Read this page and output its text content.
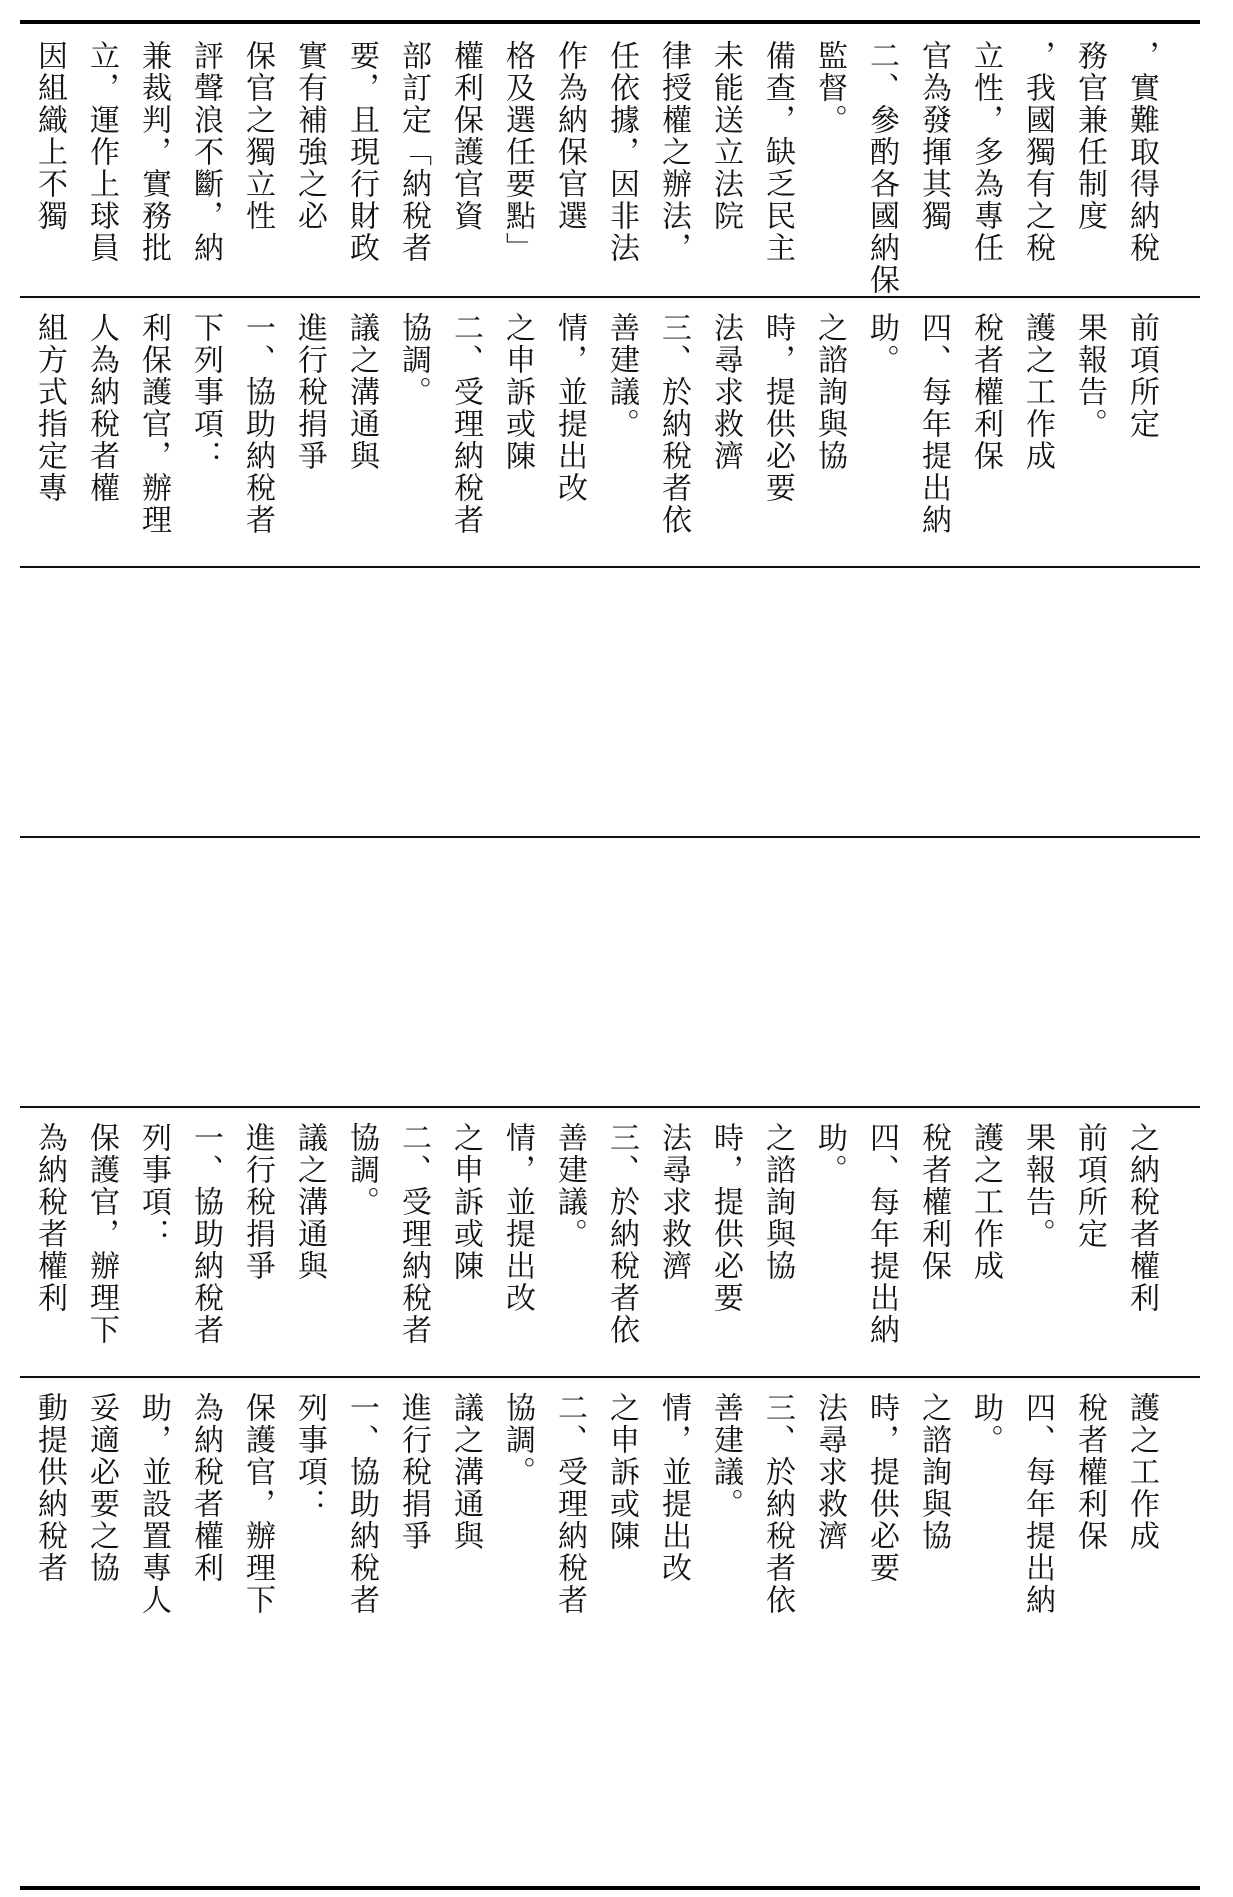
因組織上不獨 立，運作上球員 兼裁判，實務批 評聲浪不斷，納 保官之獨立性 實有補強之必 要，且現行財政 部訂定「納稅者 權利保護官資 格及選任要點」 作為納保官選 任依據，因非法 律授權之辦法， 未能送立法院 備查，缺乏民主 監督。 二、參酌各國納保 官為發揮其獨 立性，多為專任 ，我國獨有之稅 務官兼任制度 ，實難取得納稅
組方式指定專 人為納稅者權 利保護官，辦理 下列事項： 一、協助納稅者 進行稅捐爭 議之溝通與 協調。 二、受理納稅者 之申訴或陳 情，並提出改 善建議。 三、於納稅者依 法尋求救濟 時，提供必要 之諮詢與協 助。 四、每年提出納 稅者權利保 護之工作成 果報告。 前項所定
為納稅者權利 保護官，辦理下 列事項： 一、協助納稅者 進行稅捐爭 議之溝通與 協調。 二、受理納稅者 之申訴或陳 情，並提出改 善建議。 三、於納稅者依 法尋求救濟 時，提供必要 之諮詢與協 助。 四、每年提出納 稅者權利保 護之工作成 果報告。 前項所定 之納稅者權利
動提供納稅者 妥適必要之協 助，並設置專人 為納稅者權利 保護官，辦理下 列事項： 一、協助納稅者 進行稅捐爭 議之溝通與 協調。 二、受理納稅者 之申訴或陳 情，並提出改 善建議。 三、於納稅者依 法尋求救濟 時，提供必要 之諮詢與協 助。 四、每年提出納 稅者權利保 護之工作成
